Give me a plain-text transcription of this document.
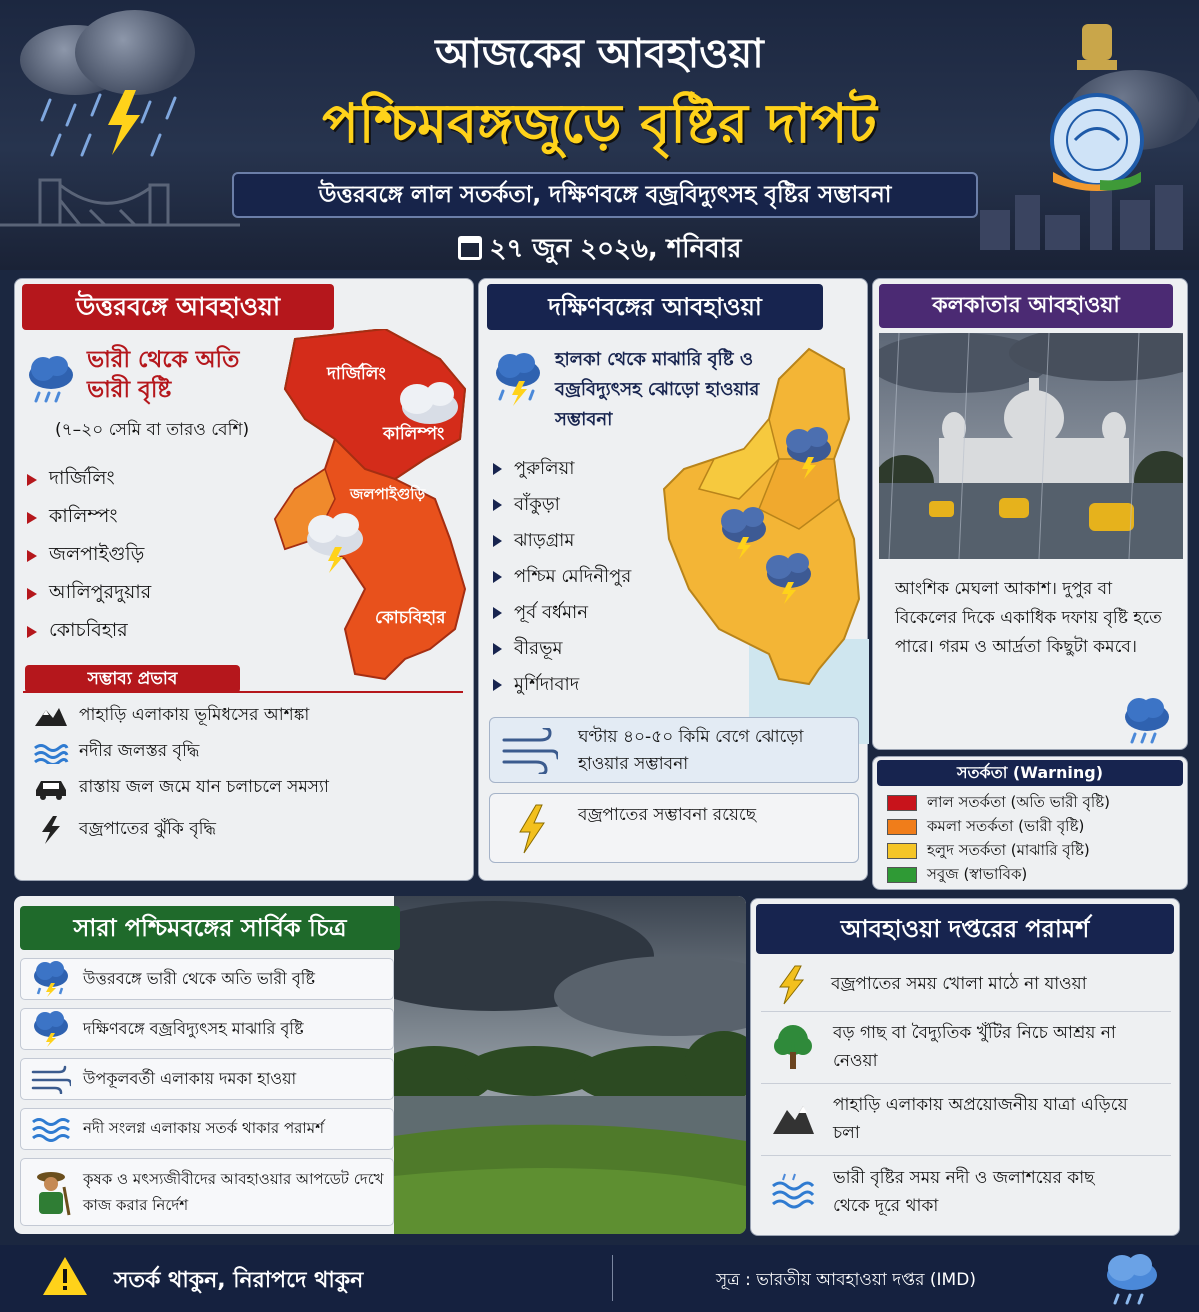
আজকের আবহাওয়া
পশ্চিমবঙ্গজুড়ে বৃষ্টির দাপট
উত্তরবঙ্গে লাল সতর্কতা, দক্ষিণবঙ্গে বজ্রবিদ্যুৎসহ বৃষ্টির সম্ভাবনা
২৭ জুন ২০২৬, শনিবার
উত্তরবঙ্গে আবহাওয়া
দার্জিলিং
কালিম্পং
জলপাইগুড়ি
কোচবিহার
ভারী থেকে অতি ভারী বৃষ্টি
(৭–২০ সেমি বা তারও বেশি)
দার্জিলিং
কালিম্পং
জলপাইগুড়ি
আলিপুরদুয়ার
কোচবিহার
সম্ভাব্য প্রভাব
পাহাড়ি এলাকায় ভূমিধসের আশঙ্কা
নদীর জলস্তর বৃদ্ধি
রাস্তায় জল জমে যান চলাচলে সমস্যা
বজ্রপাতের ঝুঁকি বৃদ্ধি
দক্ষিণবঙ্গের আবহাওয়া
হালকা থেকে মাঝারি বৃষ্টি ও বজ্রবিদ্যুৎসহ ঝোড়ো হাওয়ার সম্ভাবনা
পুরুলিয়া
বাঁকুড়া
ঝাড়গ্রাম
পশ্চিম মেদিনীপুর
পূর্ব বর্ধমান
বীরভূম
মুর্শিদাবাদ
ঘণ্টায় ৪০-৫০ কিমি বেগে ঝোড়ো হাওয়ার সম্ভাবনা
বজ্রপাতের সম্ভাবনা রয়েছে
কলকাতার আবহাওয়া
আংশিক মেঘলা আকাশ। দুপুর বা বিকেলের দিকে একাধিক দফায় বৃষ্টি হতে পারে। গরম ও আর্দ্রতা কিছুটা কমবে।
সতর্কতা (Warning)
লাল সতর্কতা (অতি ভারী বৃষ্টি)
কমলা সতর্কতা (ভারী বৃষ্টি)
হলুদ সতর্কতা (মাঝারি বৃষ্টি)
সবুজ (স্বাভাবিক)
সারা পশ্চিমবঙ্গের সার্বিক চিত্র
উত্তরবঙ্গে ভারী থেকে অতি ভারী বৃষ্টি
দক্ষিণবঙ্গে বজ্রবিদ্যুৎসহ মাঝারি বৃষ্টি
উপকূলবর্তী এলাকায় দমকা হাওয়া
নদী সংলগ্ন এলাকায় সতর্ক থাকার পরামর্শ
কৃষক ও মৎস্যজীবীদের আবহাওয়ার আপডেট দেখে কাজ করার নির্দেশ
আবহাওয়া দপ্তরের পরামর্শ
বজ্রপাতের সময় খোলা মাঠে না যাওয়া
বড় গাছ বা বৈদ্যুতিক খুঁটির নিচে আশ্রয় না নেওয়া
পাহাড়ি এলাকায় অপ্রয়োজনীয় যাত্রা এড়িয়ে চলা
ভারী বৃষ্টির সময় নদী ও জলাশয়ের কাছ থেকে দূরে থাকা
সতর্ক থাকুন, নিরাপদে থাকুন	সূত্র : ভারতীয় আবহাওয়া দপ্তর (IMD)
